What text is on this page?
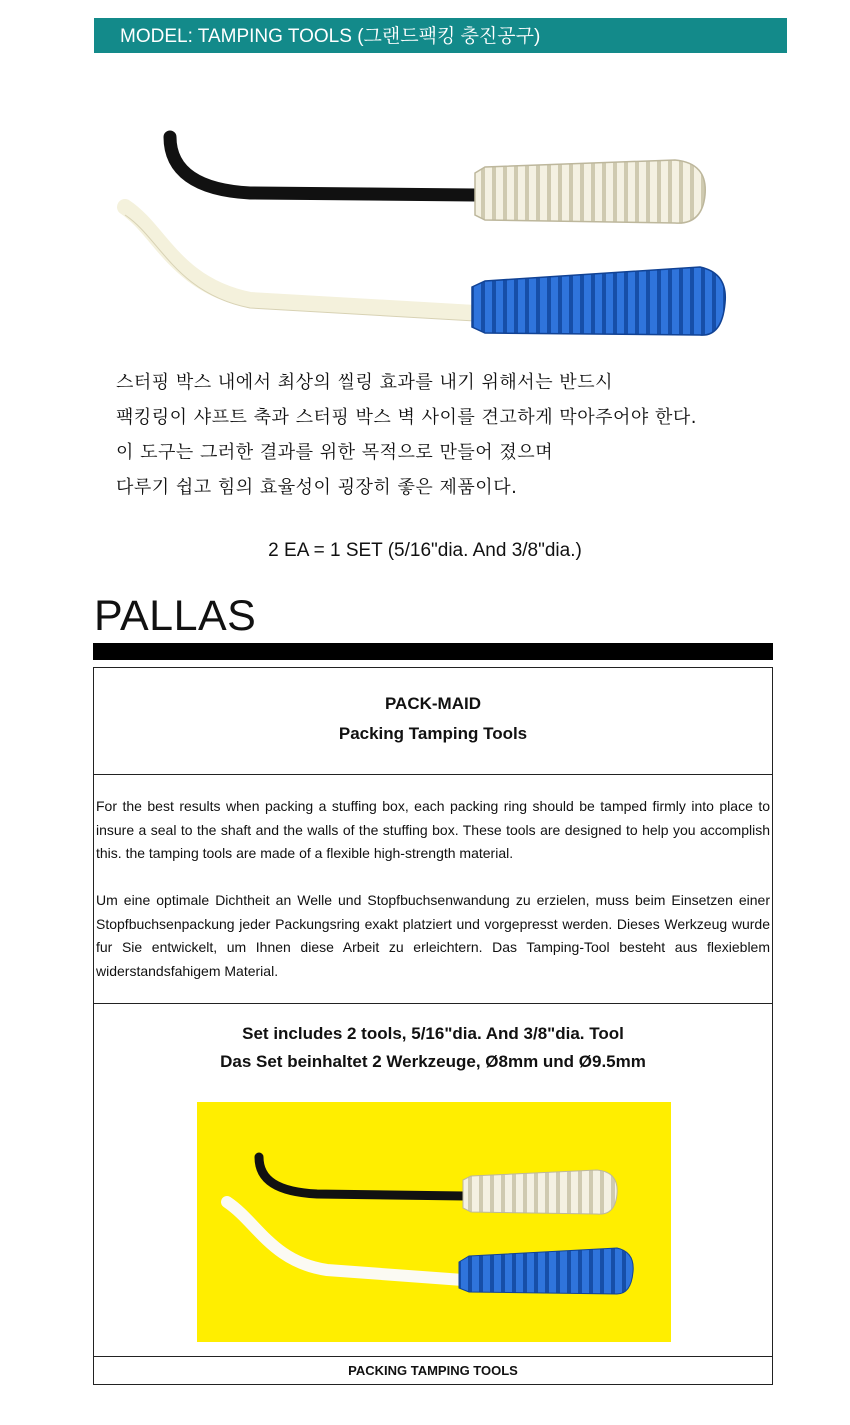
MODEL: TAMPING TOOLS (그랜드팩킹 충진공구)

스터핑 박스 내에서 최상의 씰링 효과를 내기 위해서는 반드시

팩킹링이 샤프트 축과 스터핑 박스 벽 사이를 견고하게 막아주어야 한다.

이 도구는 그러한 결과를 위한 목적으로 만들어 졌으며

다루기 쉽고 힘의 효율성이 굉장히 좋은 제품이다.

2 EA = 1 SET (5/16"dia. And 3/8"dia.)
PALLAS
PACK-MAID
Packing Tamping Tools

For the best results when packing a stuffing box, each packing ring should be tamped firmly into place to insure a seal to the shaft and the walls of the stuffing box. These tools are designed to help you accomplish this. the tamping tools are made of a flexible high-strength material.

Um eine optimale Dichtheit an Welle und Stopfbuchsenwandung zu erzielen, muss beim Einsetzen einer Stopfbuchsenpackung jeder Packungsring exakt platziert und vorgepresst werden. Dieses Werkzeug wurde fur Sie entwickelt, um Ihnen diese Arbeit zu erleichtern. Das Tamping-Tool besteht aus flexieblem widerstandsfahigem Material.

Set includes 2 tools, 5/16"dia. And 3/8"dia. Tool
Das Set beinhaltet 2 Werkzeuge, Ø8mm und Ø9.5mm
PACKING TAMPING TOOLS
